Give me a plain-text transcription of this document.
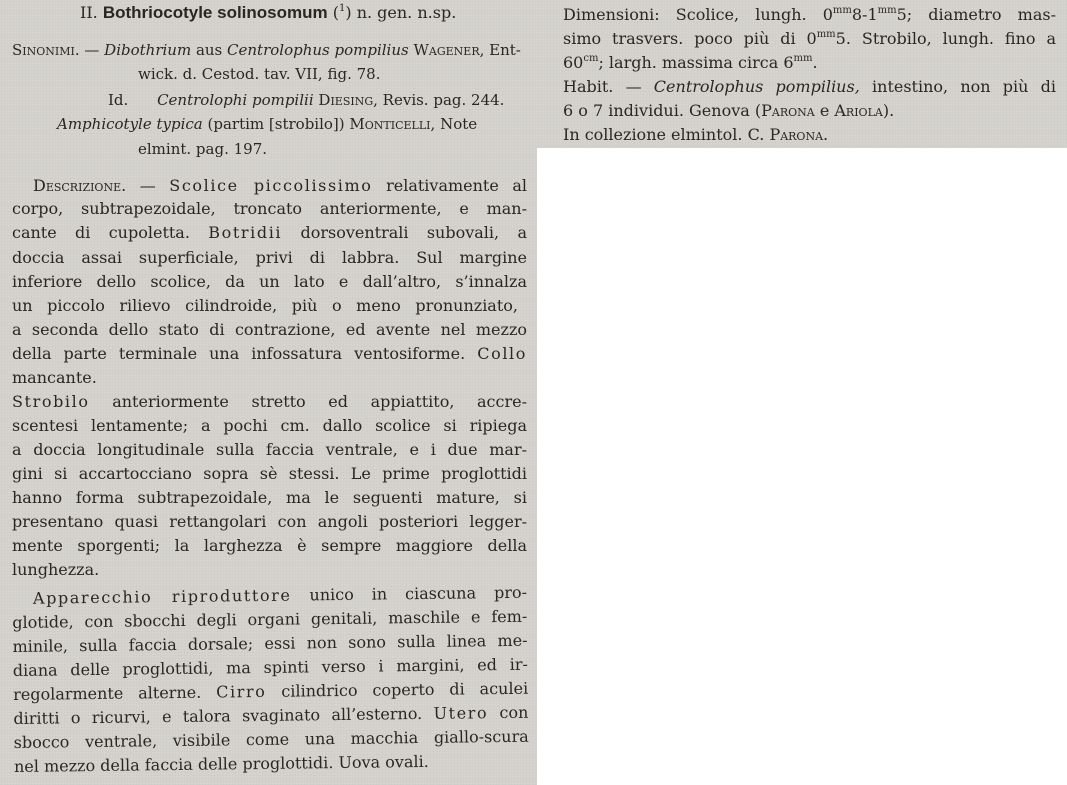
II. Bothriocotyle solinosomum ($^1$) n. gen. n.sp.
Sinonimi. — Dibothrium aus Centrolophus pompilius Wagener, Ent-
wick. d. Cestod. tav. VII, fig. 78.
Id. Centrolophi pompilii Diesing, Revis. pag. 244.
Amphicotyle typica (partim [strobilo]) Monticelli, Note
elmint. pag. 197.
Descrizione. — Scolice piccolissimo relativamente al
corpo, subtrapezoidale, troncato anteriormente, e man-
cante di cupoletta. Botridii dorsoventrali subovali, a
doccia assai superficiale, privi di labbra. Sul margine
inferiore dello scolice, da un lato e dall’altro, s’innalza
un piccolo rilievo cilindroide, più o meno pronunziato,
a seconda dello stato di contrazione, ed avente nel mezzo
della parte terminale una infossatura ventosiforme. Collo
mancante.
Strobilo anteriormente stretto ed appiattito, accre-
scentesi lentamente; a pochi cm. dallo scolice si ripiega
a doccia longitudinale sulla faccia ventrale, e i due mar-
gini si accartocciano sopra sè stessi. Le prime proglottidi
hanno forma subtrapezoidale, ma le seguenti mature, si
presentano quasi rettangolari con angoli posteriori legger-
mente sporgenti; la larghezza è sempre maggiore della
lunghezza.
Apparecchio riproduttore unico in ciascuna pro-
glotide, con sbocchi degli organi genitali, maschile e fem-
minile, sulla faccia dorsale; essi non sono sulla linea me-
diana delle proglottidi, ma spinti verso i margini, ed ir-
regolarmente alterne. Cirro cilindrico coperto di aculei
diritti o ricurvi, e talora svaginato all’esterno. Utero con
sbocco ventrale, visibile come una macchia giallo-scura
nel mezzo della faccia delle proglottidi. Uova ovali.
Dimensioni: Scolice, lungh. $0^{mm}8-1^{mm}5$; diametro mas-
simo trasvers. poco più di $0^{mm}5$. Strobilo, lungh. fino a
$60^{cm}$; largh. massima circa $6^{mm}$.
Habit. — Centrolophus pompilius, intestino, non più di
6 o 7 individui. Genova (Parona e Ariola).
In collezione elmintol. C. Parona.
